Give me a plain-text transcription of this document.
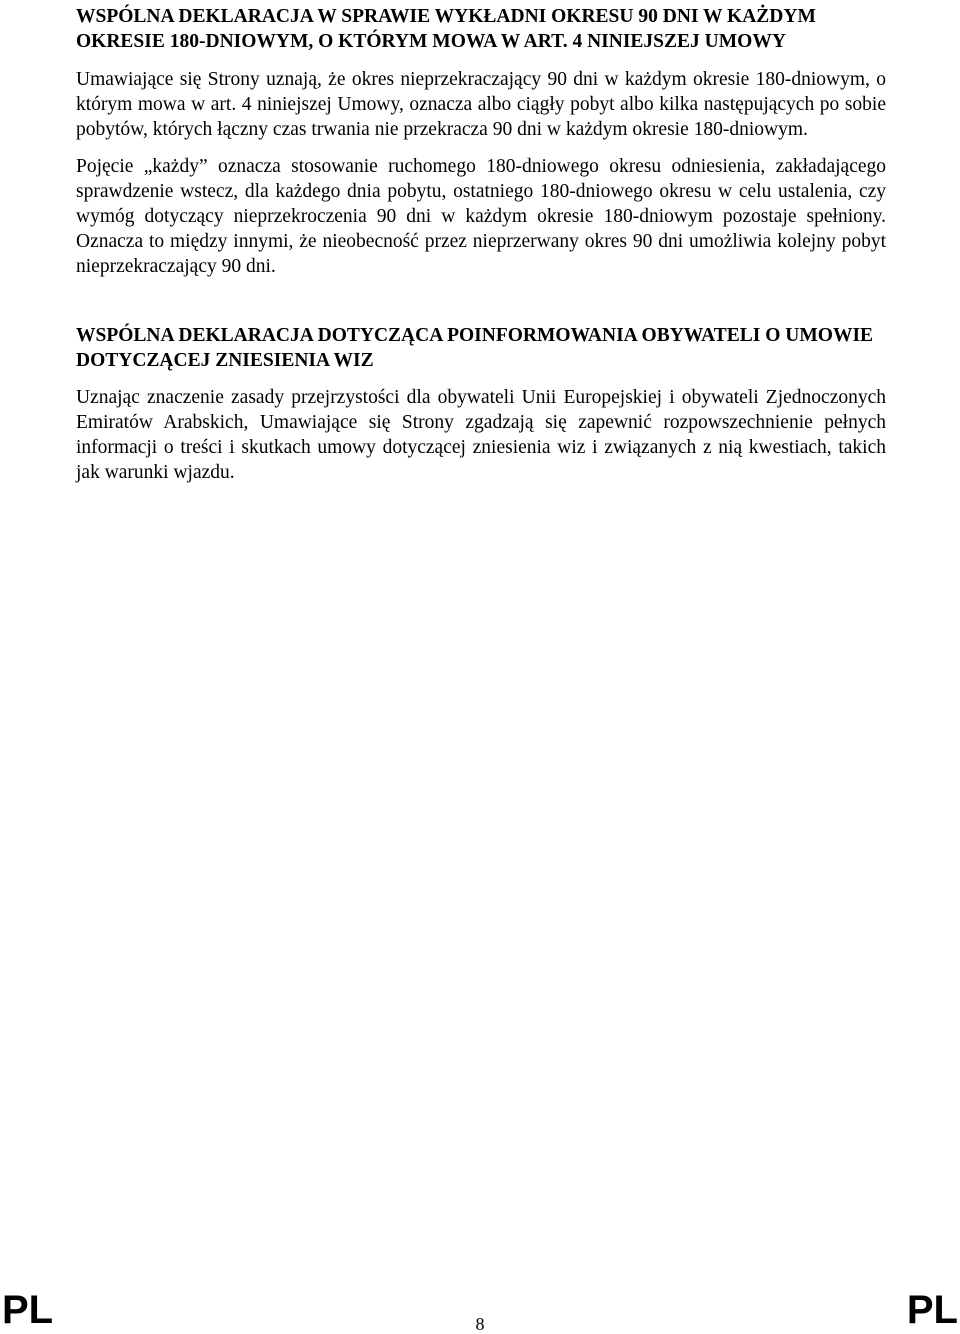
WSPÓLNA DEKLARACJA W SPRAWIE WYKŁADNI OKRESU 90 DNI W KAŻDYM OKRESIE 180-DNIOWYM, O KTÓRYM MOWA W ART. 4 NINIEJSZEJ UMOWY

Umawiające się Strony uznają, że okres nieprzekraczający 90 dni w każdym okresie 180-dniowym, o którym mowa w art. 4 niniejszej Umowy, oznacza albo ciągły pobyt albo kilka następujących po sobie pobytów, których łączny czas trwania nie przekracza 90 dni w każdym okresie 180-dniowym.

Pojęcie „każdy” oznacza stosowanie ruchomego 180-dniowego okresu odniesienia, zakładającego sprawdzenie wstecz, dla każdego dnia pobytu, ostatniego 180-dniowego okresu w celu ustalenia, czy wymóg dotyczący nieprzekroczenia 90 dni w każdym okresie 180-dniowym pozostaje spełniony. Oznacza to między innymi, że nieobecność przez nieprzerwany okres 90 dni umożliwia kolejny pobyt nieprzekraczający 90 dni.

WSPÓLNA DEKLARACJA DOTYCZĄCA POINFORMOWANIA OBYWATELI O UMOWIE DOTYCZĄCEJ ZNIESIENIA WIZ

Uznając znaczenie zasady przejrzystości dla obywateli Unii Europejskiej i obywateli Zjednoczonych Emiratów Arabskich, Umawiające się Strony zgadzają się zapewnić rozpowszechnienie pełnych informacji o treści i skutkach umowy dotyczącej zniesienia wiz i związanych z nią kwestiach, takich jak warunki wjazdu.

PL	8	PL
